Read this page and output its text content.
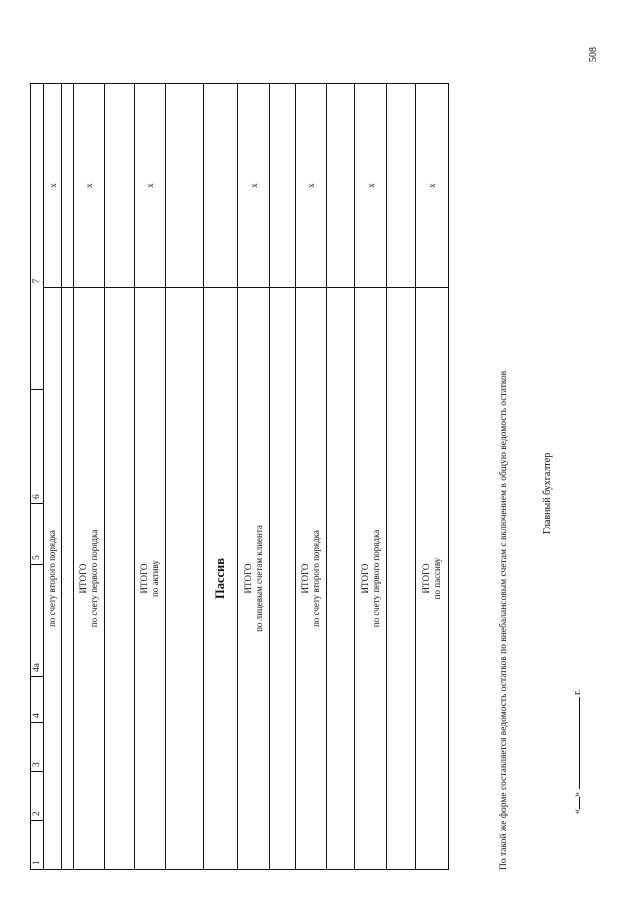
508
1	2	3	4	4а		5	6		7

по счету второго порядка									x

ИТОГО по счету первого порядка									x

ИТОГО по активу									x

Пассив									

ИТОГО по лицевым счетам клиента									x

ИТОГО по счету второго порядка									x

ИТОГО по счету первого порядка									x

ИТОГО по пассиву									x
По такой же форме составляется ведомость остатков по внебалансовым счетам с включением в общую ведомость остатков	Главный бухгалтер
«»  г.
